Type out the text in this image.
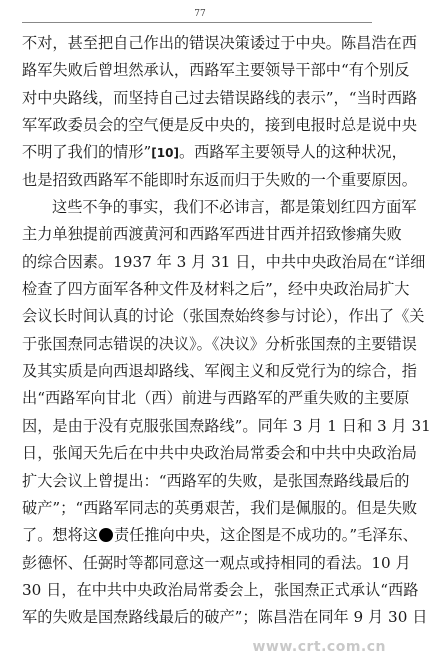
77
不对，甚至把自己作出的错误决策诿过于中央。陈昌浩在西
路军失败后曾坦然承认，西路军主要领导干部中“有个别反
对中央路线，而坚持自己过去错误路线的表示”，“当时西路
军军政委员会的空气便是反中央的，接到电报时总是说中央
不明了我们的情形”[10]。西路军主要领导人的这种状况，
也是招致西路军不能即时东返而归于失败的一个重要原因。
这些不争的事实，我们不必讳言，都是策划红四方面军
主力单独提前西渡黄河和西路军西进甘西并招致惨痛失败
的综合因素。1937 年 3 月 31 日，中共中央政治局在“详细
检查了四方面军各种文件及材料之后”，经中央政治局扩大
会议长时间认真的讨论（张国焘始终参与讨论），作出了《关
于张国焘同志错误的决议》。《决议》分析张国焘的主要错误
及其实质是向西退却路线、军阀主义和反党行为的综合，指
出“西路军向甘北（西）前进与西路军的严重失败的主要原
因，是由于没有克服张国焘路线”。同年 3 月 1 日和 3 月 31
日，张闻天先后在中共中央政治局常委会和中共中央政治局
扩大会议上曾提出：“西路军的失败，是张国焘路线最后的
破产”；“西路军同志的英勇艰苦，我们是佩服的。但是失败
了。想将这 责任推向中央，这企图是不成功的。”毛泽东、
彭德怀、任弼时等都同意这一观点或持相同的看法。10 月
30 日，在中共中央政治局常委会上，张国焘正式承认“西路
军的失败是国焘路线最后的破产”；陈昌浩在同年 9 月 30 日
www.crt.com.cn
